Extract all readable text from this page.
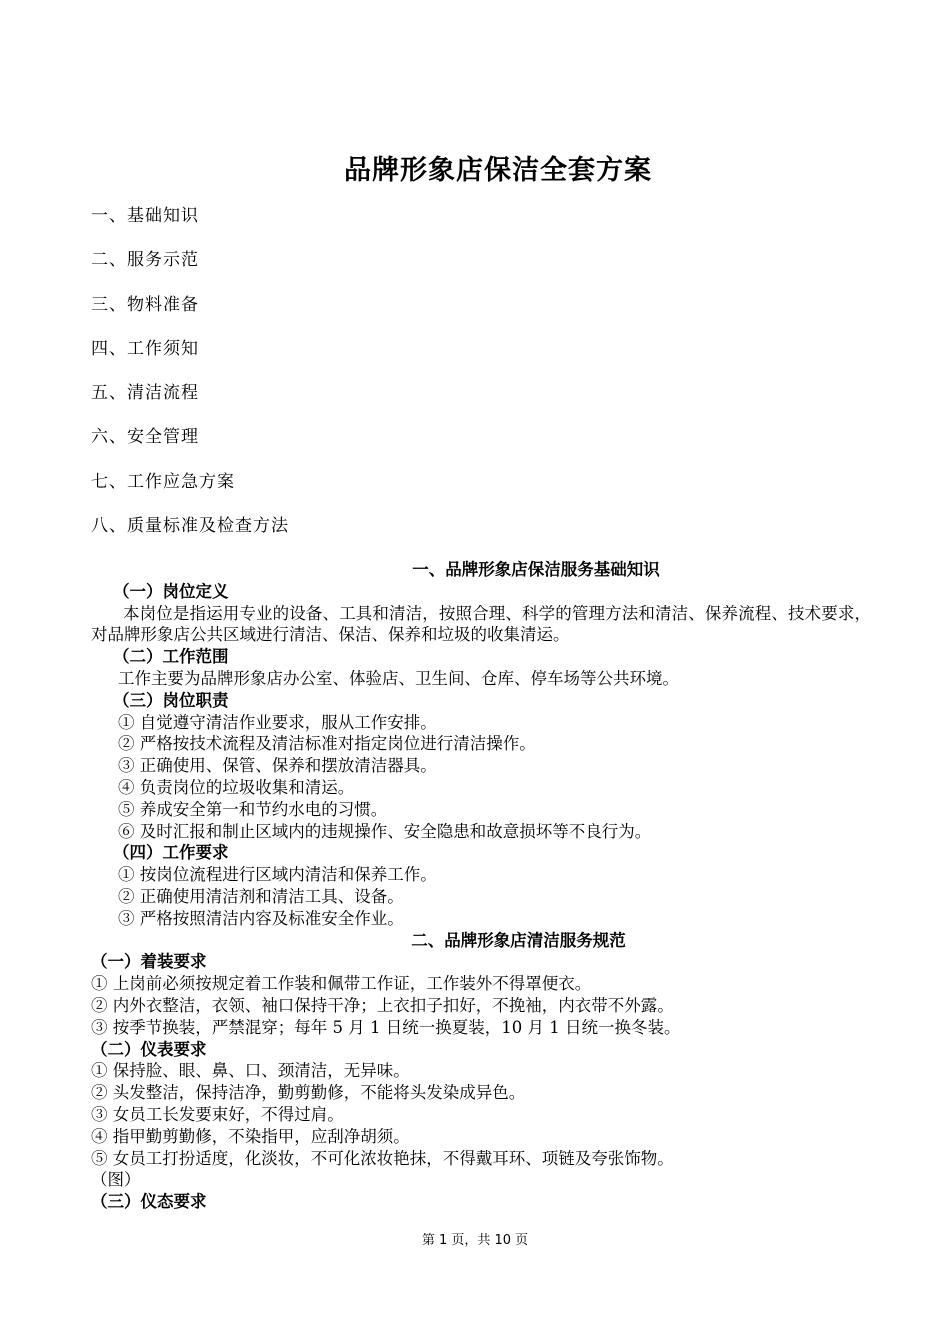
品牌形象店保洁全套方案
一、基础知识
二、服务示范
三、物料准备
四、工作须知
五、清洁流程
六、安全管理
七、工作应急方案
八、质量标准及检查方法
一、品牌形象店保洁服务基础知识
（一）岗位定义
本岗位是指运用专业的设备、工具和清洁，按照合理、科学的管理方法和清洁、保养流程、技术要求，对品牌形象店公共区域进行清洁、保洁、保养和垃圾的收集清运。
（二）工作范围
工作主要为品牌形象店办公室、体验店、卫生间、仓库、停车场等公共环境。
（三）岗位职责
① 自觉遵守清洁作业要求，服从工作安排。
② 严格按技术流程及清洁标准对指定岗位进行清洁操作。
③ 正确使用、保管、保养和摆放清洁器具。
④ 负责岗位的垃圾收集和清运。
⑤ 养成安全第一和节约水电的习惯。
⑥ 及时汇报和制止区域内的违规操作、安全隐患和故意损坏等不良行为。
（四）工作要求
① 按岗位流程进行区域内清洁和保养工作。
② 正确使用清洁剂和清洁工具、设备。
③ 严格按照清洁内容及标准安全作业。
二、品牌形象店清洁服务规范
（一）着装要求
① 上岗前必须按规定着工作装和佩带工作证，工作装外不得罩便衣。
② 内外衣整洁，衣领、袖口保持干净；上衣扣子扣好，不挽袖，内衣带不外露。
③ 按季节换装，严禁混穿；每年 5 月 1 日统一换夏装，10 月 1 日统一换冬装。
（二）仪表要求
① 保持脸、眼、鼻、口、颈清洁，无异味。
② 头发整洁，保持洁净，勤剪勤修，不能将头发染成异色。
③ 女员工长发要束好，不得过肩。
④ 指甲勤剪勤修，不染指甲，应刮净胡须。
⑤ 女员工打扮适度，化淡妆，不可化浓妆艳抹，不得戴耳环、项链及夸张饰物。
（图）
（三）仪态要求
第 1 页，共 10 页
